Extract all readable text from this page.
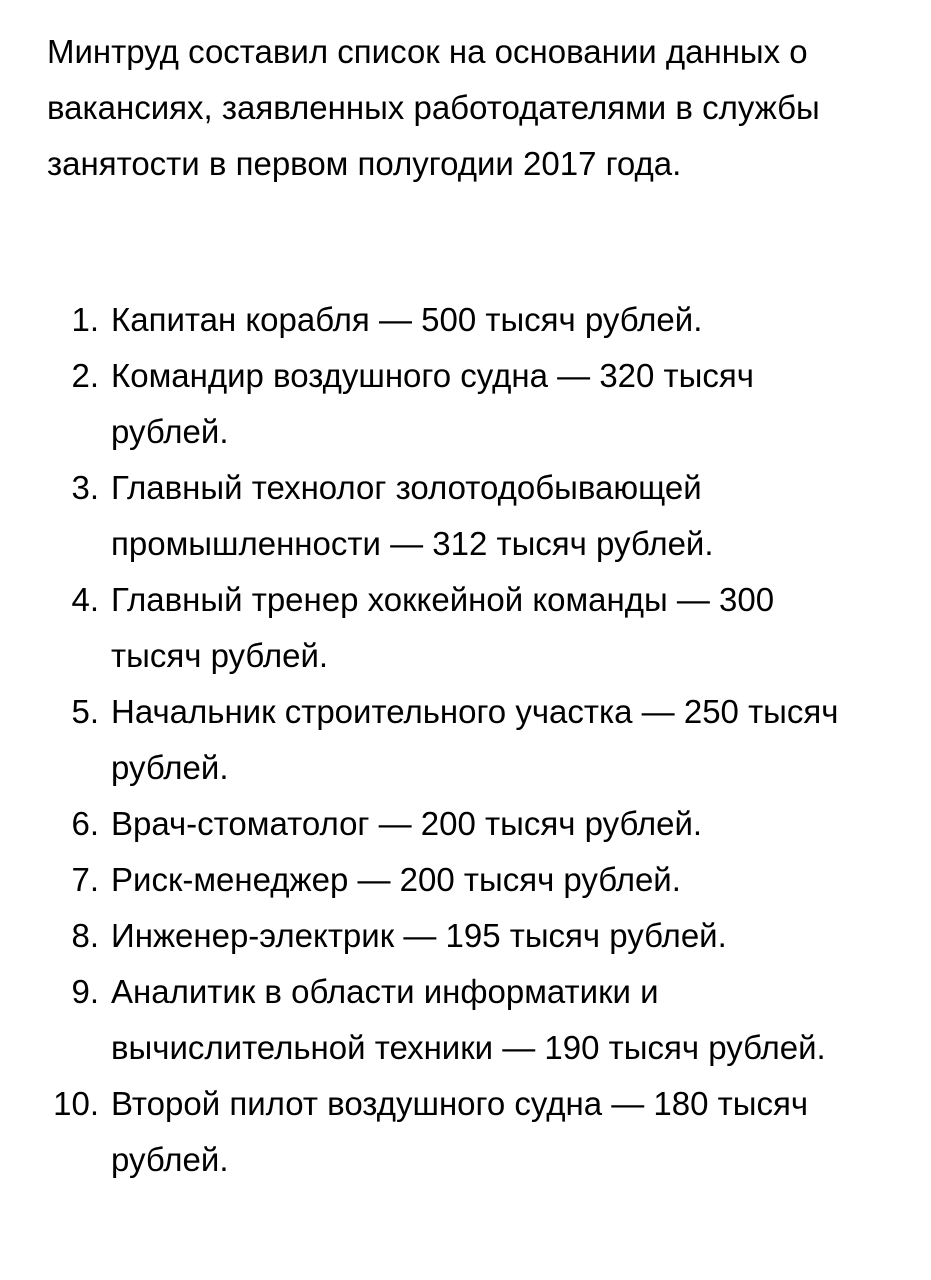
Минтруд составил список на основании данных о вакансиях, заявленных работодателями в службы занятости в первом полугодии 2017 года.

1. Капитан корабля — 500 тысяч рублей.
2. Командир воздушного судна — 320 тысяч рублей.
3. Главный технолог золотодобывающей промышленности — 312 тысяч рублей.
4. Главный тренер хоккейной команды — 300 тысяч рублей.
5. Начальник строительного участка — 250 тысяч рублей.
6. Врач-стоматолог — 200 тысяч рублей.
7. Риск-менеджер — 200 тысяч рублей.
8. Инженер-электрик — 195 тысяч рублей.
9. Аналитик в области информатики и вычислительной техники — 190 тысяч рублей.
10. Второй пилот воздушного судна — 180 тысяч рублей.
